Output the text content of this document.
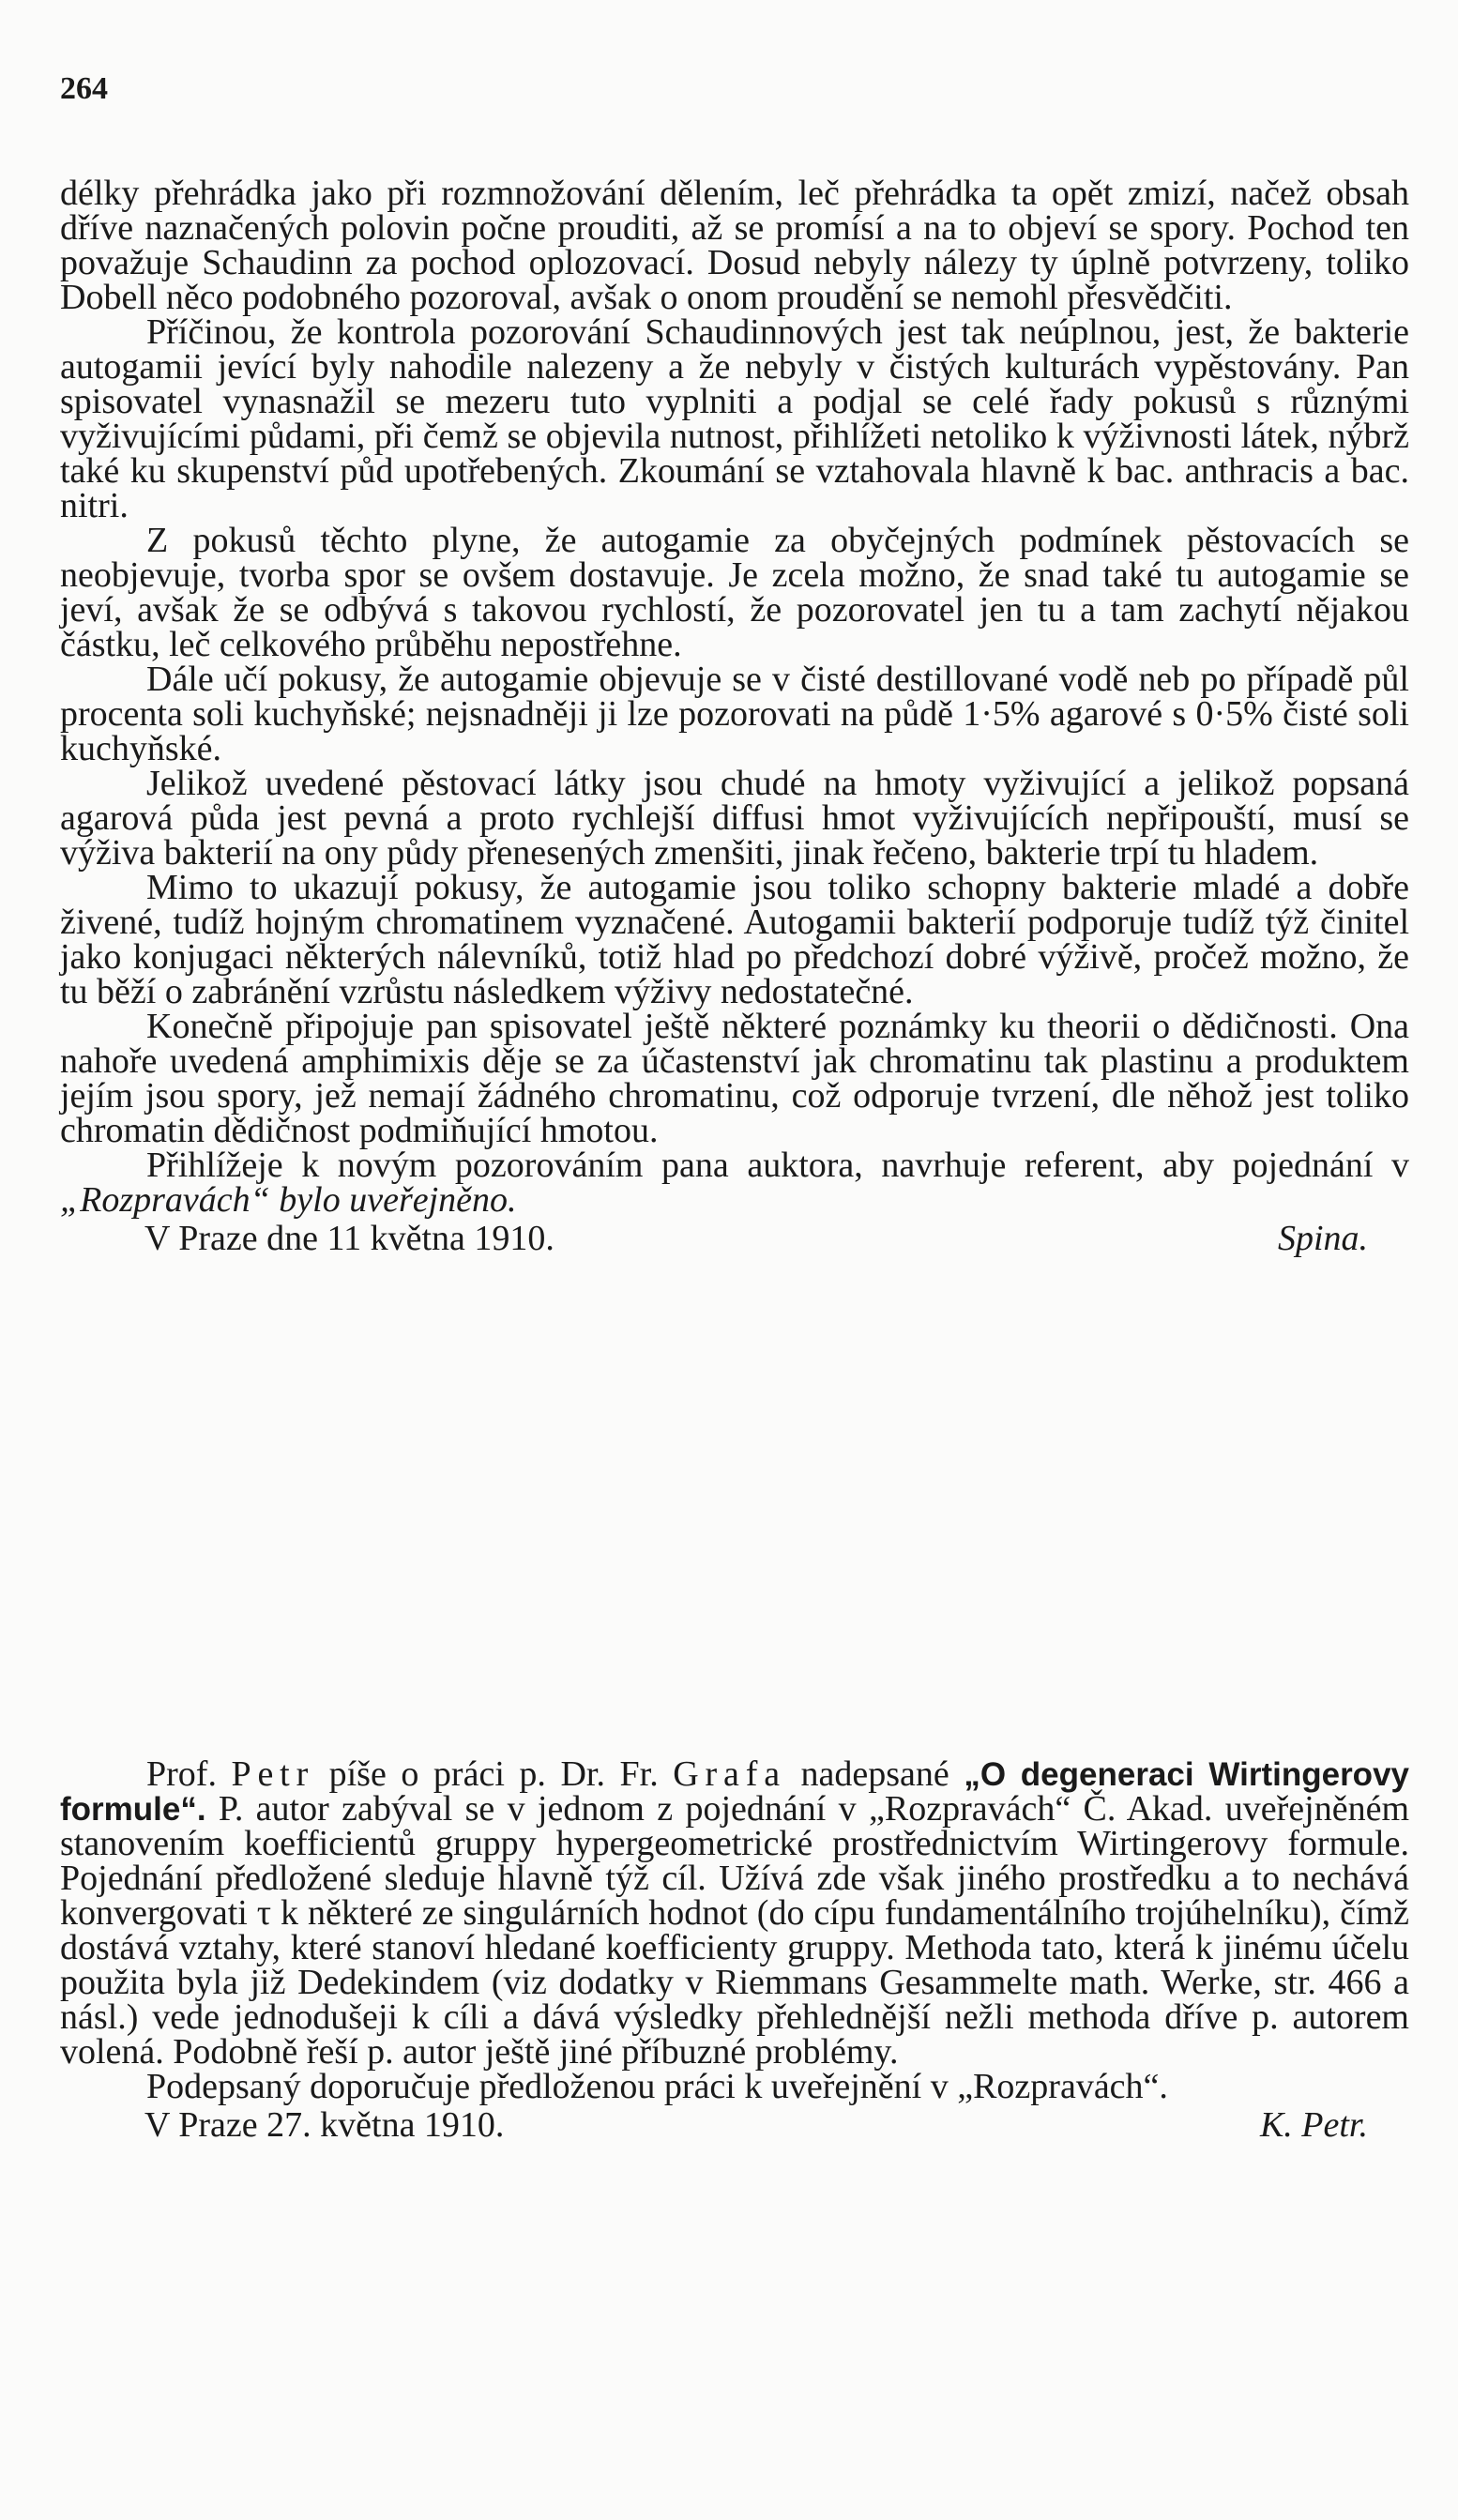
264

délky přehrádka jako při rozmnožování dělením, leč přehrádka ta opět zmizí, načež obsah dříve naznačených polovin počne prouditi, až se promísí a na to objeví se spory. Pochod ten považuje Schaudinn za pochod oplozovací. Dosud nebyly nálezy ty úplně potvrzeny, toliko Dobell něco podobného pozoroval, avšak o onom proudění se nemohl přesvědčiti.

Příčinou, že kontrola pozorování Schaudinnových jest tak neúplnou, jest, že bakterie autogamii jevící byly nahodile nalezeny a že nebyly v čistých kulturách vypěstovány. Pan spisovatel vynasnažil se mezeru tuto vyplniti a podjal se celé řady pokusů s různými vyživujícími půdami, při čemž se objevila nutnost, přihlížeti netoliko k výživnosti látek, nýbrž také ku skupenství půd upotřebených. Zkoumání se vztahovala hlavně k bac. anthracis a bac. nitri.

Z pokusů těchto plyne, že autogamie za obyčejných podmínek pěstovacích se neobjevuje, tvorba spor se ovšem dostavuje. Je zcela možno, že snad také tu autogamie se jeví, avšak že se odbývá s takovou rychlostí, že pozorovatel jen tu a tam zachytí nějakou částku, leč celkového průběhu nepostřehne.

Dále učí pokusy, že autogamie objevuje se v čisté destillované vodě neb po případě půl procenta soli kuchyňské; nejsnadněji ji lze pozorovati na půdě 1·5% agarové s 0·5% čisté soli kuchyňské.

Jelikož uvedené pěstovací látky jsou chudé na hmoty vyživující a jelikož popsaná agarová půda jest pevná a proto rychlejší diffusi hmot vyživujících nepřipouští, musí se výživa bakterií na ony půdy přenesených zmenšiti, jinak řečeno, bakterie trpí tu hladem.

Mimo to ukazují pokusy, že autogamie jsou toliko schopny bakterie mladé a dobře živené, tudíž hojným chromatinem vyznačené. Autogamii bakterií podporuje tudíž týž činitel jako konjugaci některých nálevníků, totiž hlad po předchozí dobré výživě, pročež možno, že tu běží o zabránění vzrůstu následkem výživy nedostatečné.

Konečně připojuje pan spisovatel ještě některé poznámky ku theorii o dědičnosti. Ona nahoře uvedená amphimixis děje se za účastenství jak chromatinu tak plastinu a produktem jejím jsou spory, jež nemají žádného chromatinu, což odporuje tvrzení, dle něhož jest toliko chromatin dědičnost podmiňující hmotou.

Přihlížeje k novým pozorováním pana auktora, navrhuje referent, aby pojednání v „Rozpravách“ bylo uveřejněno.

V Praze dne 11 května 1910.	Spina.

Prof. Petr píše o práci p. Dr. Fr. Grafa nadepsané „O degeneraci Wirtingerovy formule“. P. autor zabýval se v jednom z pojednání v „Rozpravách“ Č. Akad. uveřejněném stanovením koefficientů gruppy hypergeometrické prostřednictvím Wirtingerovy formule. Pojednání předložené sleduje hlavně týž cíl. Užívá zde však jiného prostředku a to nechává konvergovati τ k některé ze singulárních hodnot (do cípu fundamentálního trojúhelníku), čímž dostává vztahy, které stanoví hledané koefficienty gruppy. Methoda tato, která k jinému účelu použita byla již Dedekindem (viz dodatky v Riemmans Gesammelte math. Werke, str. 466 a násl.) vede jednodušeji k cíli a dává výsledky přehlednější nežli methoda dříve p. autorem volená. Podobně řeší p. autor ještě jiné příbuzné problémy.

Podepsaný doporučuje předloženou práci k uveřejnění v „Rozpravách“.

V Praze 27. května 1910.	K. Petr.
